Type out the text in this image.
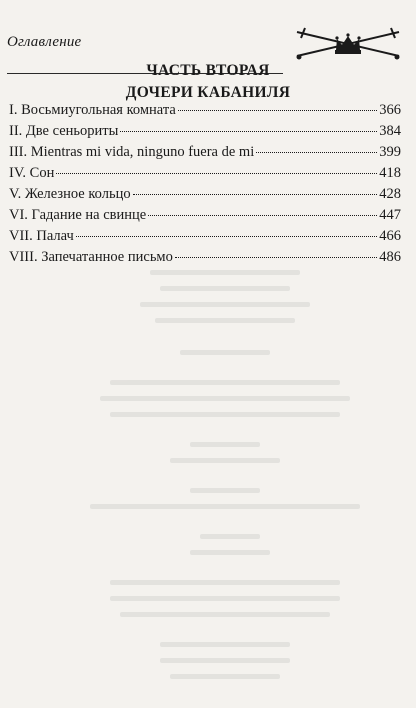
Оглавление
ЧАСТЬ ВТОРАЯ
ДОЧЕРИ КАБАНИЛЯ
I. Восьмиугольная комната	366
II. Две сеньориты	384
III. Mientras mi vida, ninguno fuera de mi	399
IV. Сон	418
V. Железное кольцо	428
VI. Гадание на свинце	447
VII. Палач	466
VIII. Запечатанное письмо	486
